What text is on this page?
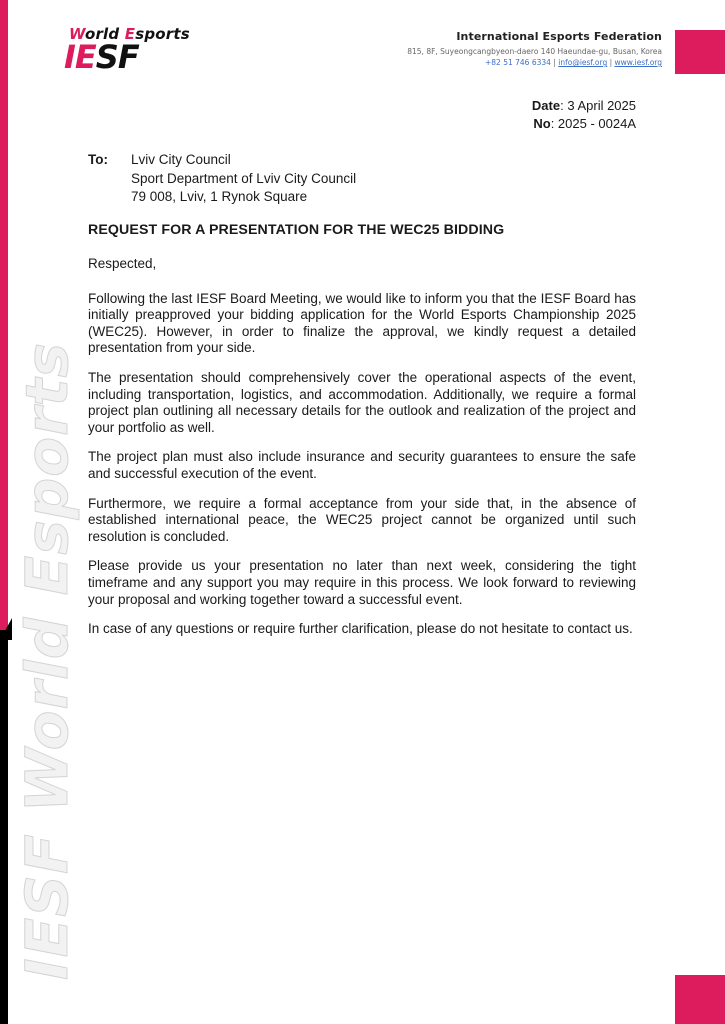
IESF World Esports
World Esports
IESF
International Esports Federation
815, 8F, Suyeongcangbyeon-daero 140 Haeundae-gu, Busan, Korea
+82 51 746 6334 | info@iesf.org | www.iesf.org
Date: 3 April 2025
No: 2025 - 0024A
To:	Lviv City Council
Sport Department of Lviv City Council
79 008, Lviv, 1 Rynok Square
REQUEST FOR A PRESENTATION FOR THE WEC25 BIDDING

Respected,

Following the last IESF Board Meeting, we would like to inform you that the IESF Board has initially preapproved your bidding application for the World Esports Championship 2025 (WEC25). However, in order to finalize the approval, we kindly request a detailed presentation from your side.

The presentation should comprehensively cover the operational aspects of the event, including transportation, logistics, and accommodation. Additionally, we require a formal project plan outlining all necessary details for the outlook and realization of the project and your portfolio as well.

The project plan must also include insurance and security guarantees to ensure the safe and successful execution of the event.

Furthermore, we require a formal acceptance from your side that, in the absence of established international peace, the WEC25 project cannot be organized until such resolution is concluded.

Please provide us your presentation no later than next week, considering the tight timeframe and any support you may require in this process. We look forward to reviewing your proposal and working together toward a successful event.

In case of any questions or require further clarification, please do not hesitate to contact us.
